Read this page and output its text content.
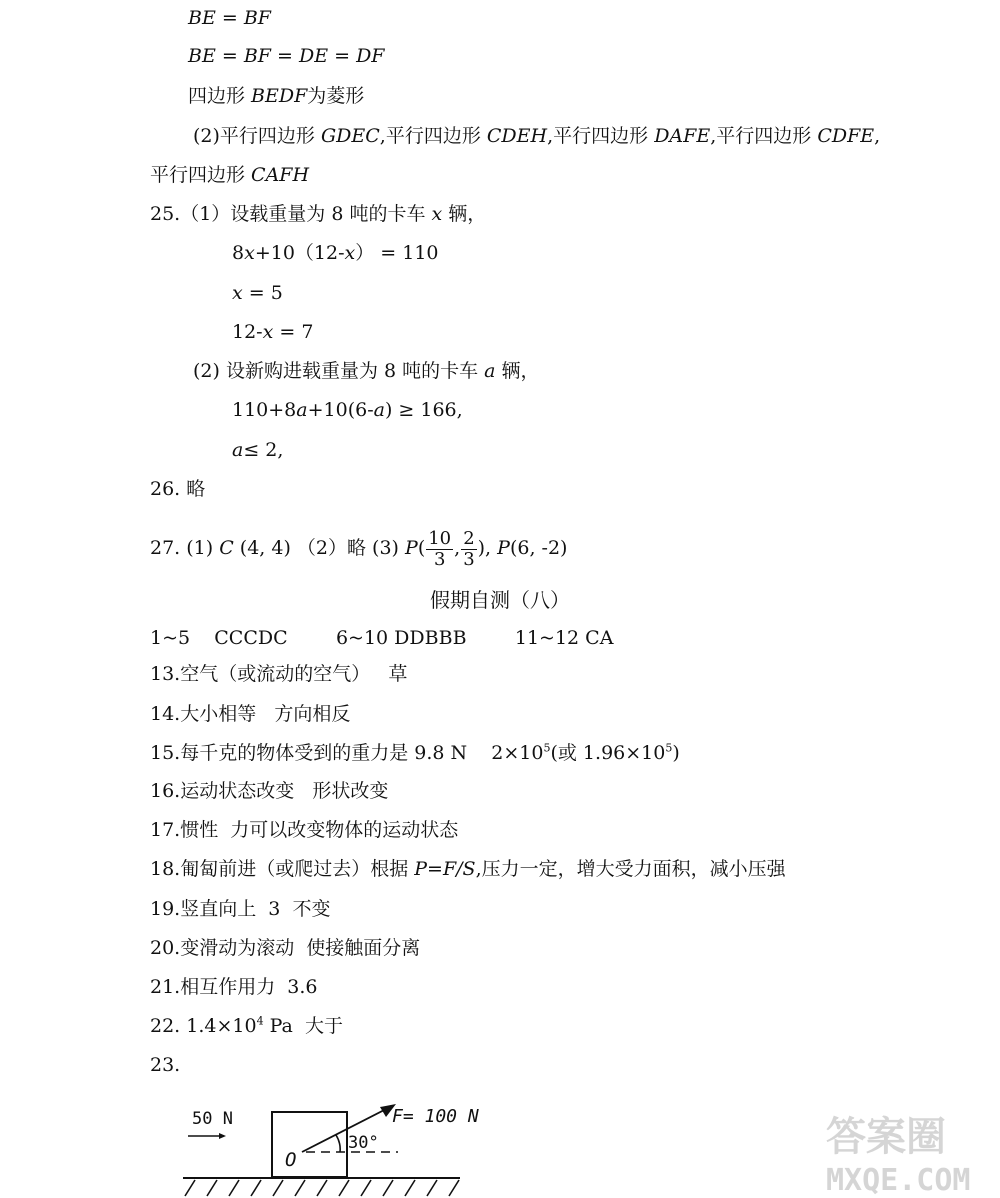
BE = BF
BE = BF = DE = DF
四边形 BEDF为菱形
(2)平行四边形 GDEC,平行四边形 CDEH,平行四边形 DAFE,平行四边形 CDFE,
平行四边形 CAFH
25.（1）设载重量为 8 吨的卡车 x 辆，
8x+10（12-x） = 110
x = 5
12-x = 7
(2) 设新购进载重量为 8 吨的卡车 a 辆，
110+8a+10(6-a) ≥ 166,
a≤ 2,
26. 略
27. (1) C (4, 4) （2）略 (3) $P( \frac{10}{3}$ , $\frac{2}{3}$ ), P(6, -2)
假期自测（八）
1~5    CCCDC        6~10 DDBBB        11~12 CA
13.空气（或流动的空气）   草
14.大小相等   方向相反
15.每千克的物体受到的重力是 9.8 N    $2\times 10^5$(或 $1.96\times 10^5$)
16.运动状态改变   形状改变
17.惯性  力可以改变物体的运动状态
18.匍匐前进（或爬过去）根据 P=F/S,压力一定，增大受力面积，减小压强
19.竖直向上  3  不变
20.变滑动为滚动  使接触面分离
21.相互作用力  3.6
22. $1.4\times 10^4$ Pa  大于
23.
50 N	F= 100 N
30°
O	答案圈
MXQE.COM
